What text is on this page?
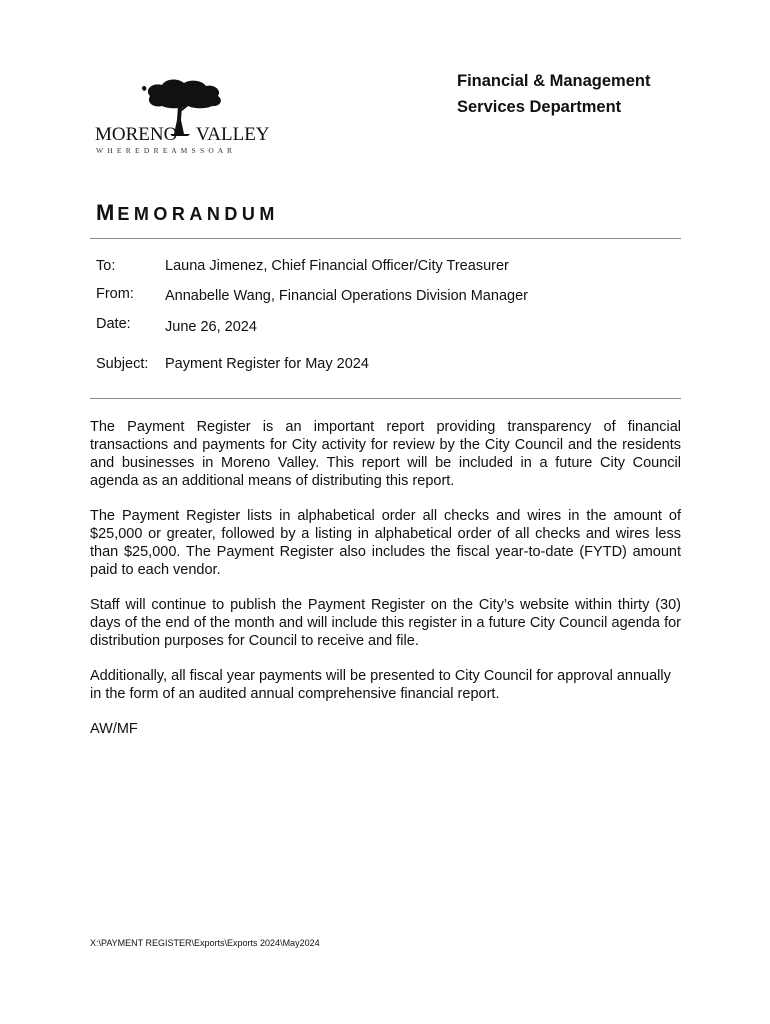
MORENO VALLEY
W H E R E D R E A M S S O A R
Financial & Management
Services Department
MEMORANDUM
To:	Launa Jimenez, Chief Financial Officer/City Treasurer
From: Annabelle Wang, Financial Operations Division Manager
Date: June 26, 2024
Subject: Payment Register for May 2024

The Payment Register is an important report providing transparency of financial transactions and payments for City activity for review by the City Council and the residents and businesses in Moreno Valley. This report will be included in a future City Council agenda as an additional means of distributing this report.

The Payment Register lists in alphabetical order all checks and wires in the amount of $25,000 or greater, followed by a listing in alphabetical order of all checks and wires less than $25,000. The Payment Register also includes the fiscal year-to-date (FYTD) amount paid to each vendor.

Staff will continue to publish the Payment Register on the City’s website within thirty (30) days of the end of the month and will include this register in a future City Council agenda for distribution purposes for Council to receive and file.

Additionally, all fiscal year payments will be presented to City Council for approval annually in the form of an audited annual comprehensive financial report.

AW/MF

X:\PAYMENT REGISTER\Exports\Exports 2024\May2024
